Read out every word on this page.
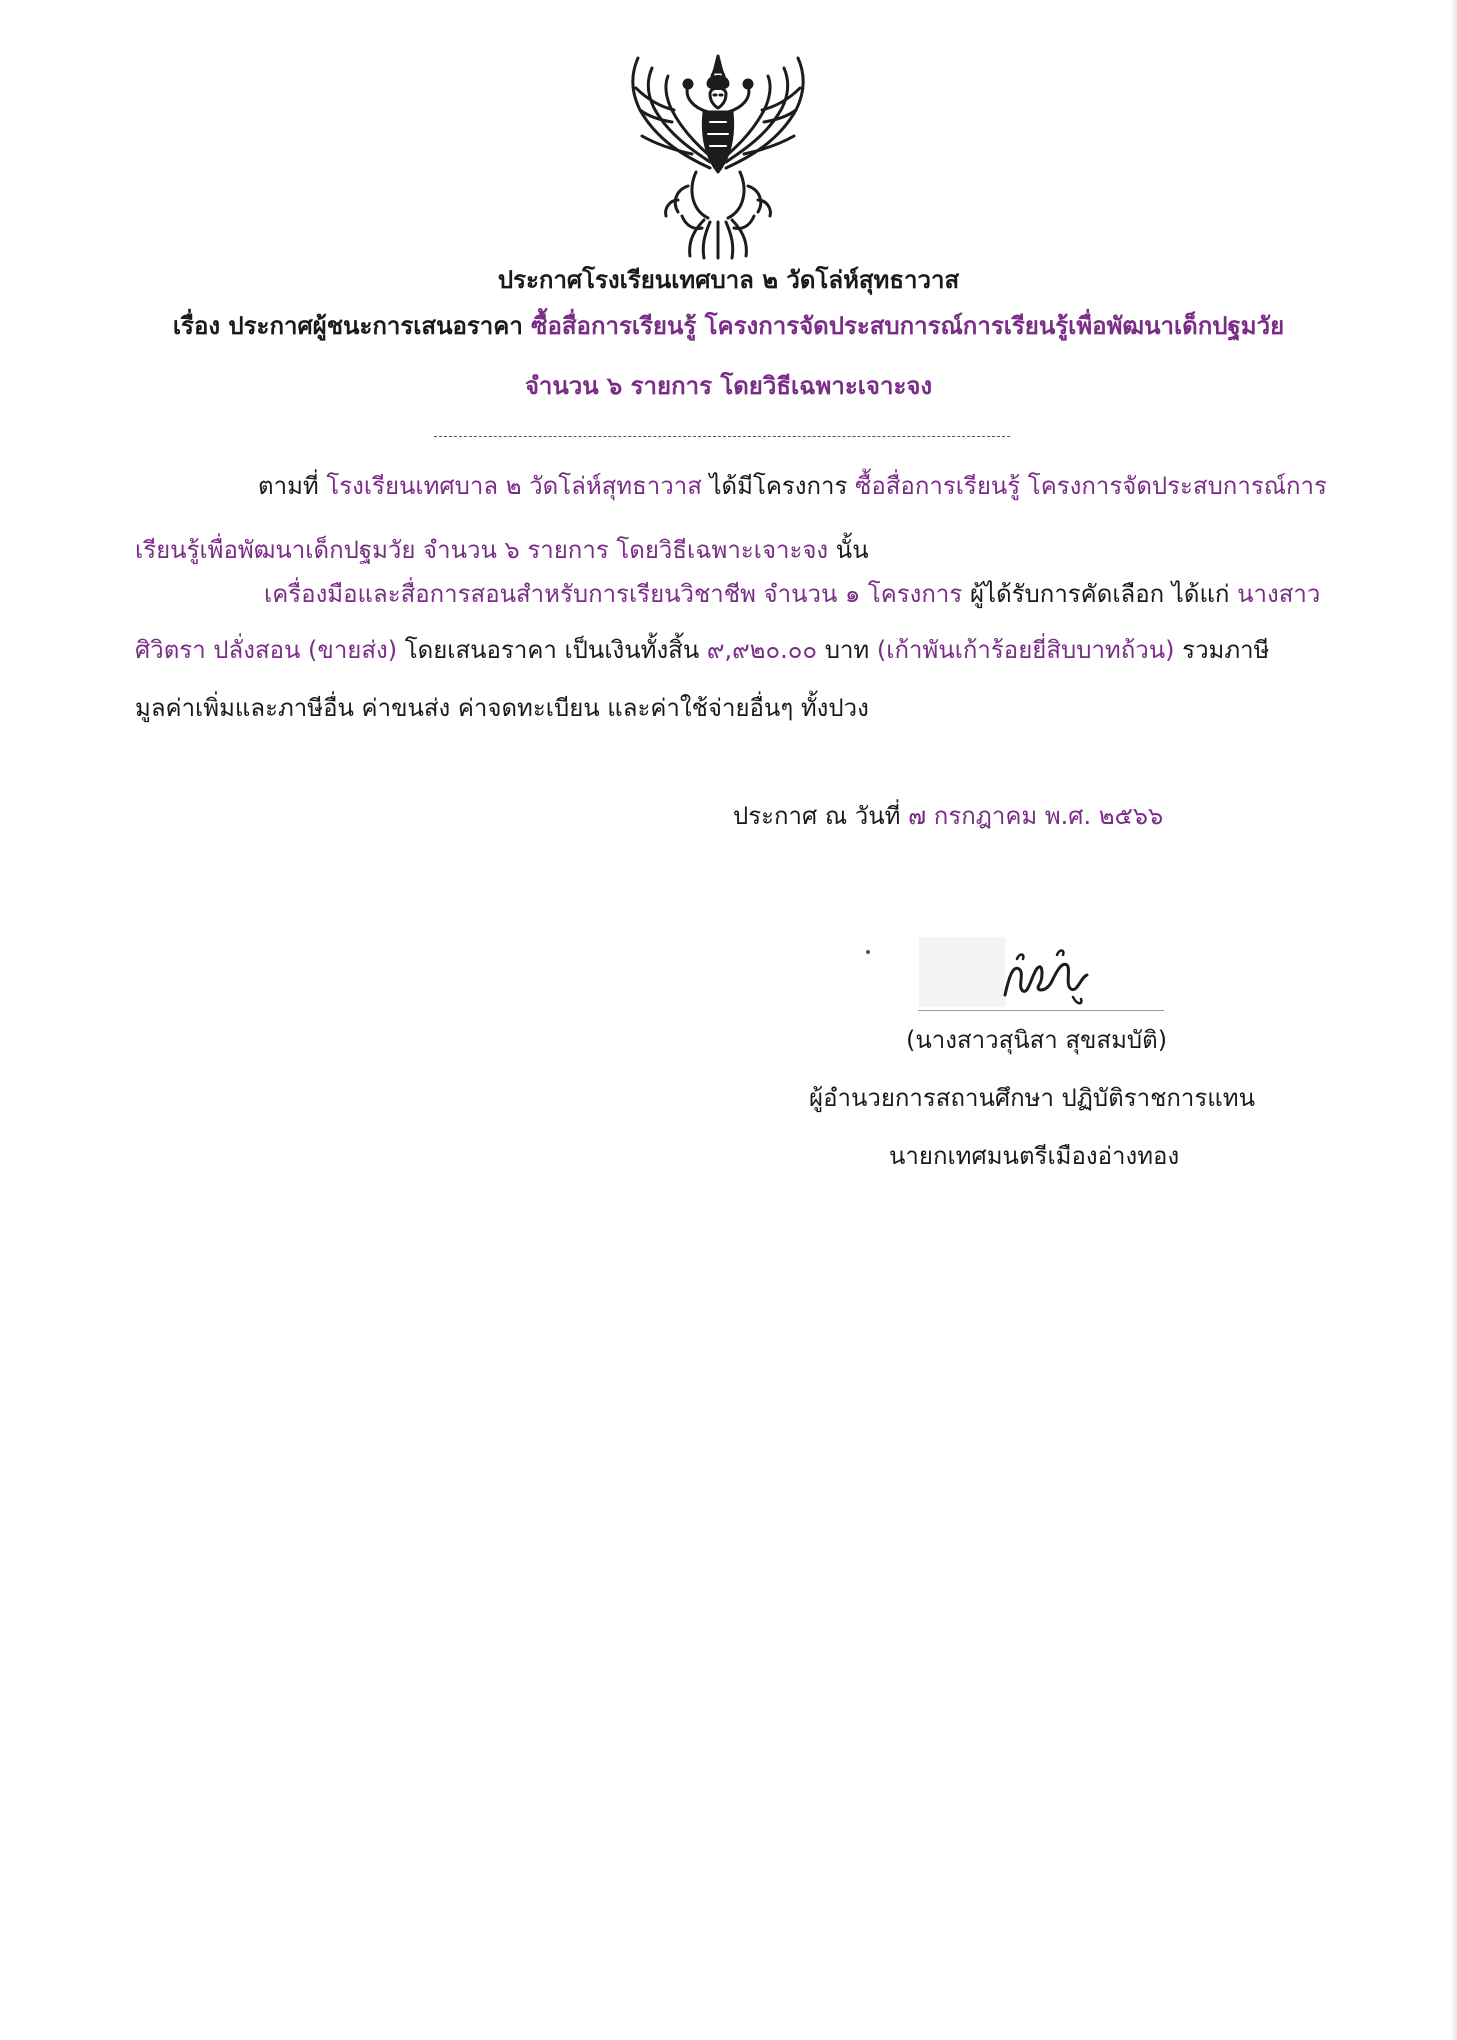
ประกาศโรงเรียนเทศบาล ๒ วัดโล่ห์สุทธาวาส
เรื่อง ประกาศผู้ชนะการเสนอราคา ซื้อสื่อการเรียนรู้ โครงการจัดประสบการณ์การเรียนรู้เพื่อพัฒนาเด็กปฐมวัย
จำนวน ๖ รายการ โดยวิธีเฉพาะเจาะจง
ตามที่ โรงเรียนเทศบาล ๒ วัดโล่ห์สุทธาวาส ได้มีโครงการ ซื้อสื่อการเรียนรู้ โครงการจัดประสบการณ์การ
เรียนรู้เพื่อพัฒนาเด็กปฐมวัย จำนวน ๖ รายการ โดยวิธีเฉพาะเจาะจง นั้น
เครื่องมือและสื่อการสอนสำหรับการเรียนวิชาชีพ จำนวน ๑ โครงการ ผู้ได้รับการคัดเลือก ได้แก่ นางสาว
ศิวิตรา ปลั่งสอน (ขายส่ง) โดยเสนอราคา เป็นเงินทั้งสิ้น ๙,๙๒๐.๐๐ บาท (เก้าพันเก้าร้อยยี่สิบบาทถ้วน) รวมภาษี
มูลค่าเพิ่มและภาษีอื่น ค่าขนส่ง ค่าจดทะเบียน และค่าใช้จ่ายอื่นๆ ทั้งปวง
ประกาศ ณ วันที่ ๗ กรกฎาคม พ.ศ. ๒๕๖๖
(นางสาวสุนิสา สุขสมบัติ)
ผู้อำนวยการสถานศึกษา ปฏิบัติราชการแทน
นายกเทศมนตรีเมืองอ่างทอง
